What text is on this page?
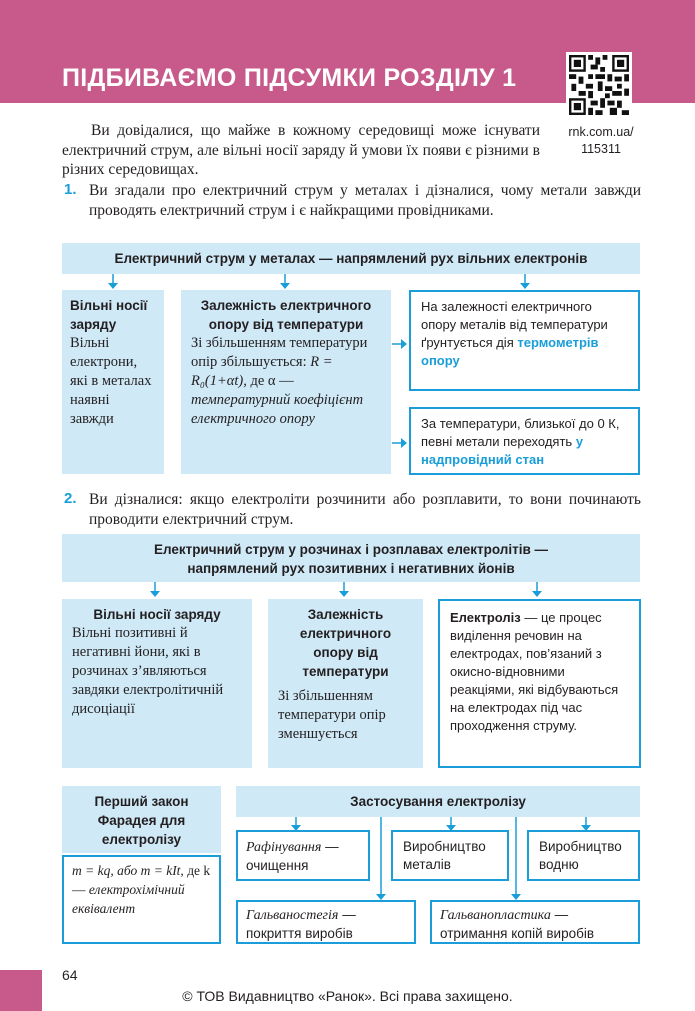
ПІДБИВАЄМО ПІДСУМКИ РОЗДІЛУ 1
rnk.com.ua/
115311
Ви довідалися, що майже в кожному середовищі може існувати електричний струм, але вільні носії заряду й умови їх появи є різними в різних середовищах.
1. Ви згадали про електричний струм у металах і дізналися, чому метали завжди проводять електричний струм і є найкращими провідниками.
Електричний струм у металах — напрямлений рух вільних електронів
Вільні носії заряду
Вільні електрони, які в металах наявні завжди
Залежність електричного опору від температури
Зі збільшенням температури опір збільшується: R = R₀(1+αt), де α — температурний коефіцієнт електричного опору
На залежності електричного опору металів від температури ґрунтується дія термометрів опору
За температури, близької до 0 К, певні метали переходять у надпровідний стан
2. Ви дізналися: якщо електроліти розчинити або розплавити, то вони починають проводити електричний струм.
Електричний струм у розчинах і розплавах електролітів —
напрямлений рух позитивних і негативних йонів
Вільні носії заряду
Вільні позитивні й негативні йони, які в розчинах з’являються завдяки електролітичній дисоціації
Залежність електричного опору від температури
Зі збільшенням температури опір зменшується
Електроліз — це процес виділення речовин на електродах, пов’язаний з окисно-відновними реакціями, які відбуваються на електродах під час проходження струму.
Перший закон Фарадея для електролізу
m = kq, або m = kIt, де k — електрохімічний еквівалент
Застосування електролізу
Рафінування — очищення
Виробництво металів
Виробництво водню
Гальваностегія — покриття виробів
Гальванопластика — отримання копій виробів
64
© ТОВ Видавництво «Ранок». Всі права захищено.
